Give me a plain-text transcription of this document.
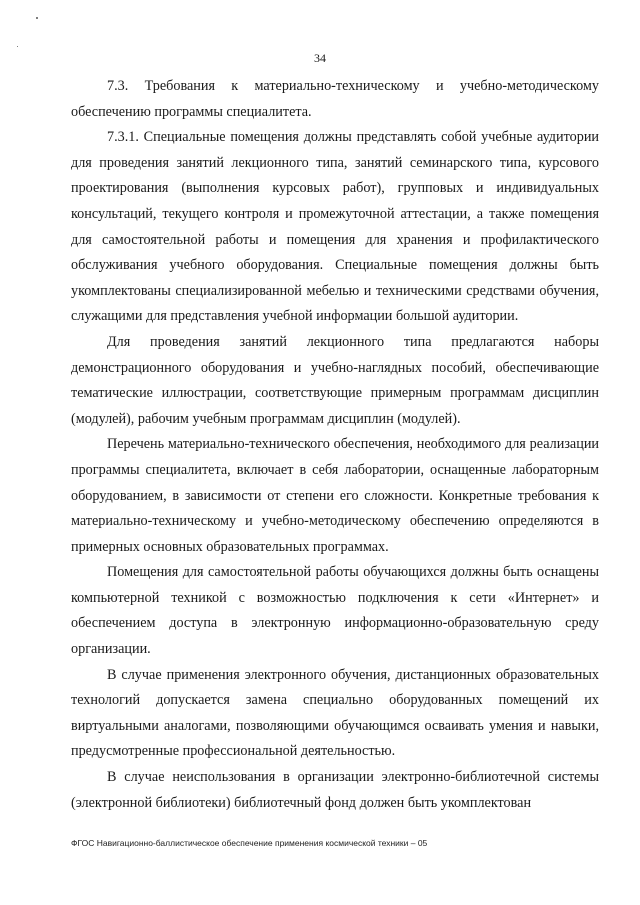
34

7.3. Требования к материально-техническому и учебно-методическому обеспечению программы специалитета.

7.3.1. Специальные помещения должны представлять собой учебные аудитории для проведения занятий лекционного типа, занятий семинарского типа, курсового проектирования (выполнения курсовых работ), групповых и индивидуальных консультаций, текущего контроля и промежуточной аттестации, а также помещения для самостоятельной работы и помещения для хранения и профилактического обслуживания учебного оборудования. Специальные помещения должны быть укомплектованы специализированной мебелью и техническими средствами обучения, служащими для представления учебной информации большой аудитории.

Для проведения занятий лекционного типа предлагаются наборы демонстрационного оборудования и учебно-наглядных пособий, обеспечивающие тематические иллюстрации, соответствующие примерным программам дисциплин (модулей), рабочим учебным программам дисциплин (модулей).

Перечень материально-технического обеспечения, необходимого для реализации программы специалитета, включает в себя лаборатории, оснащенные лабораторным оборудованием, в зависимости от степени его сложности. Конкретные требования к материально-техническому и учебно-методическому обеспечению определяются в примерных основных образовательных программах.

Помещения для самостоятельной работы обучающихся должны быть оснащены компьютерной техникой с возможностью подключения к сети «Интернет» и обеспечением доступа в электронную информационно-образовательную среду организации.

В случае применения электронного обучения, дистанционных образовательных технологий допускается замена специально оборудованных помещений их виртуальными аналогами, позволяющими обучающимся осваивать умения и навыки, предусмотренные профессиональной деятельностью.

В случае неиспользования в организации электронно-библиотечной системы (электронной библиотеки) библиотечный фонд должен быть укомплектован

ФГОС Навигационно-баллистическое обеспечение применения космической техники – 05
